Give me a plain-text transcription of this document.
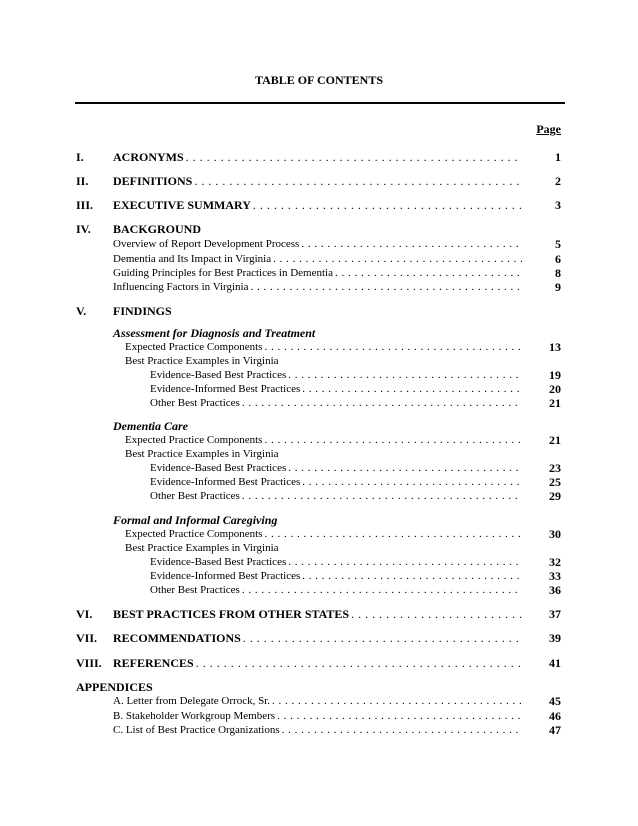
TABLE OF CONTENTS
Page
I. ACRONYMS . . .	1
II. DEFINITIONS . . .	2
III. EXECUTIVE SUMMARY . . .	3
IV. BACKGROUND
Overview of Report Development Process . . .	5
Dementia and Its Impact in Virginia . . .	6
Guiding Principles for Best Practices in Dementia . . .	8
Influencing Factors in Virginia . . .	9
V. FINDINGS
Assessment for Diagnosis and Treatment
Expected Practice Components . . .	13
Best Practice Examples in Virginia
Evidence-Based Best Practices . . .	19
Evidence-Informed Best Practices . . .	20
Other Best Practices . . .	21
Dementia Care
Expected Practice Components . . .	21
Best Practice Examples in Virginia
Evidence-Based Best Practices . . .	23
Evidence-Informed Best Practices . . .	25
Other Best Practices . . .	29
Formal and Informal Caregiving
Expected Practice Components . . .	30
Best Practice Examples in Virginia
Evidence-Based Best Practices . . .	32
Evidence-Informed Best Practices . . .	33
Other Best Practices . . .	36
VI. BEST PRACTICES FROM OTHER STATES . . .	37
VII. RECOMMENDATIONS . . .	39
VIII. REFERENCES . . .	41
APPENDICES
A. Letter from Delegate Orrock, Sr. . . .	45
B. Stakeholder Workgroup Members . . .	46
C. List of Best Practice Organizations . . .	47
